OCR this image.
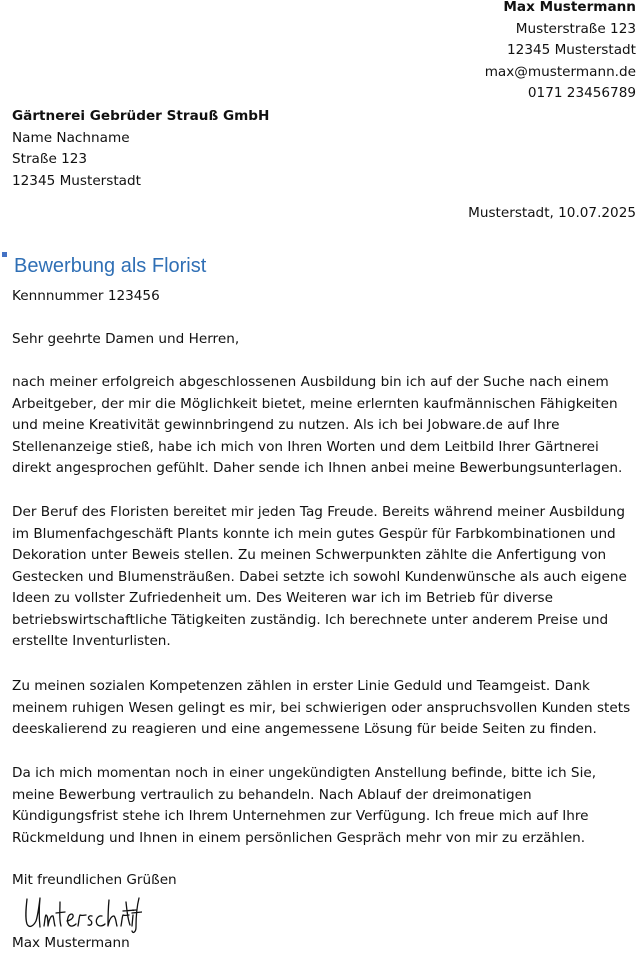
Max Mustermann
Musterstraße 123
12345 Musterstadt
max@mustermann.de
0171 23456789
Gärtnerei Gebrüder Strauß GmbH
Name Nachname
Straße 123
12345 Musterstadt
Musterstadt, 10.07.2025
Bewerbung als Florist
Kennnummer 123456
Sehr geehrte Damen und Herren,
nach meiner erfolgreich abgeschlossenen Ausbildung bin ich auf der Suche nach einem Arbeitgeber, der mir die Möglichkeit bietet, meine erlernten kaufmännischen Fähigkeiten und meine Kreativität gewinnbringend zu nutzen. Als ich bei Jobware.de auf Ihre Stellenanzeige stieß, habe ich mich von Ihren Worten und dem Leitbild Ihrer Gärtnerei direkt angesprochen gefühlt. Daher sende ich Ihnen anbei meine Bewerbungsunterlagen.
Der Beruf des Floristen bereitet mir jeden Tag Freude. Bereits während meiner Ausbildung im Blumenfachgeschäft Plants konnte ich mein gutes Gespür für Farbkombinationen und Dekoration unter Beweis stellen. Zu meinen Schwerpunkten zählte die Anfertigung von Gestecken und Blumensträußen. Dabei setzte ich sowohl Kundenwünsche als auch eigene Ideen zu vollster Zufriedenheit um. Des Weiteren war ich im Betrieb für diverse betriebswirtschaftliche Tätigkeiten zuständig. Ich berechnete unter anderem Preise und erstellte Inventurlisten.
Zu meinen sozialen Kompetenzen zählen in erster Linie Geduld und Teamgeist. Dank meinem ruhigen Wesen gelingt es mir, bei schwierigen oder anspruchsvollen Kunden stets deeskalierend zu reagieren und eine angemessene Lösung für beide Seiten zu finden.
Da ich mich momentan noch in einer ungekündigten Anstellung befinde, bitte ich Sie, meine Bewerbung vertraulich zu behandeln. Nach Ablauf der dreimonatigen Kündigungsfrist stehe ich Ihrem Unternehmen zur Verfügung. Ich freue mich auf Ihre Rückmeldung und Ihnen in einem persönlichen Gespräch mehr von mir zu erzählen.
Mit freundlichen Grüßen
Max Mustermann
